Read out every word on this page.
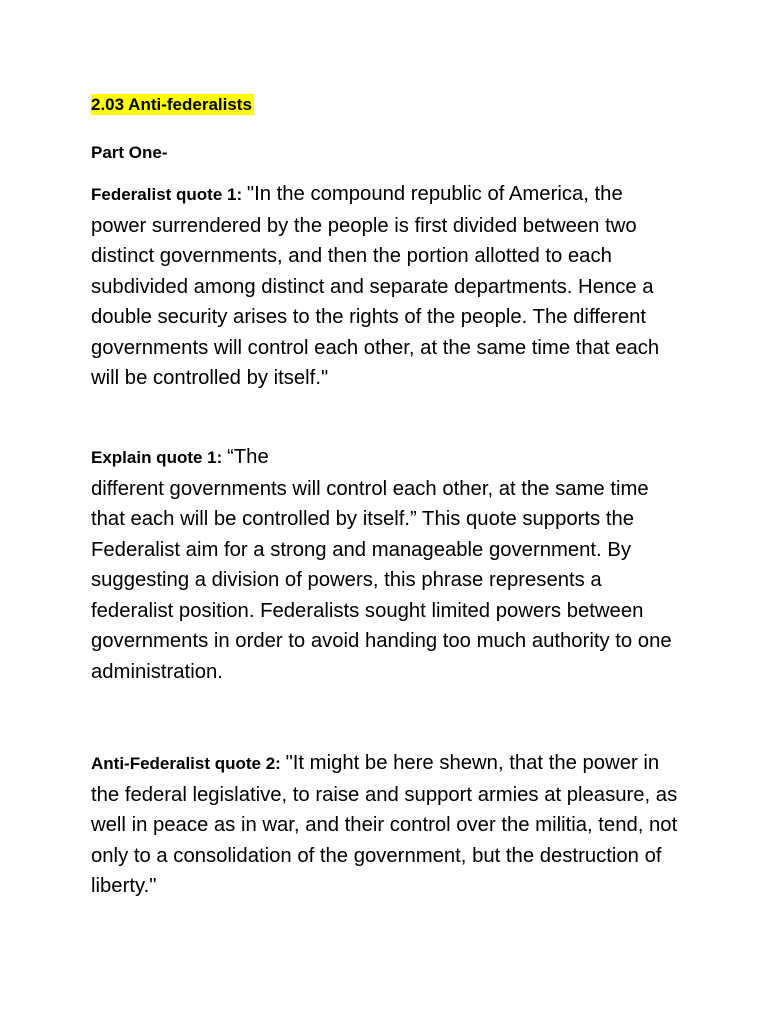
2.03 Anti-federalists
Part One-
Federalist quote 1: "In the compound republic of America, the power surrendered by the people is first divided between two distinct governments, and then the portion allotted to each subdivided among distinct and separate departments. Hence a double security arises to the rights of the people. The different governments will control each other, at the same time that each will be controlled by itself."
Explain quote 1: “The
different governments will control each other, at the same time that each will be controlled by itself.” This quote supports the Federalist aim for a strong and manageable government. By suggesting a division of powers, this phrase represents a federalist position. Federalists sought limited powers between governments in order to avoid handing too much authority to one administration.
Anti-Federalist quote 2: "It might be here shewn, that the power in the federal legislative, to raise and support armies at pleasure, as well in peace as in war, and their control over the militia, tend, not only to a consolidation of the government, but the destruction of liberty."
